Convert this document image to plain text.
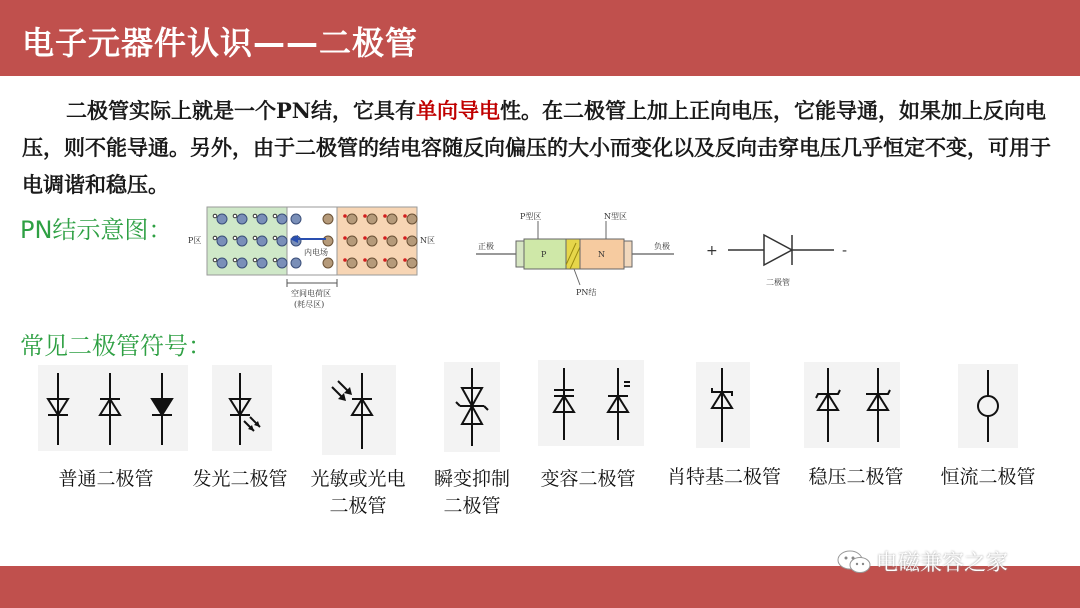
电子元器件认识——二极管
二极管实际上就是一个PN结，它具有单向导电性。在二极管上加上正向电压，它能导通，如果加上反向电压，则不能导通。另外，由于二极管的结电容随反向偏压的大小而变化以及反向击穿电压几乎恒定不变，可用于电调谐和稳压。
PN结示意图：
内电场
P区	N区
空间电荷区
(耗尽区)
正极	负极
P	N
P型区	N型区
PN结
+	-
二极管
常见二极管符号：
普通二极管	发光二极管	光敏或光电
二极管
瞬变抑制
二极管
变容二极管	肖特基二极管	稳压二极管	恒流二极管
电磁兼容之家
